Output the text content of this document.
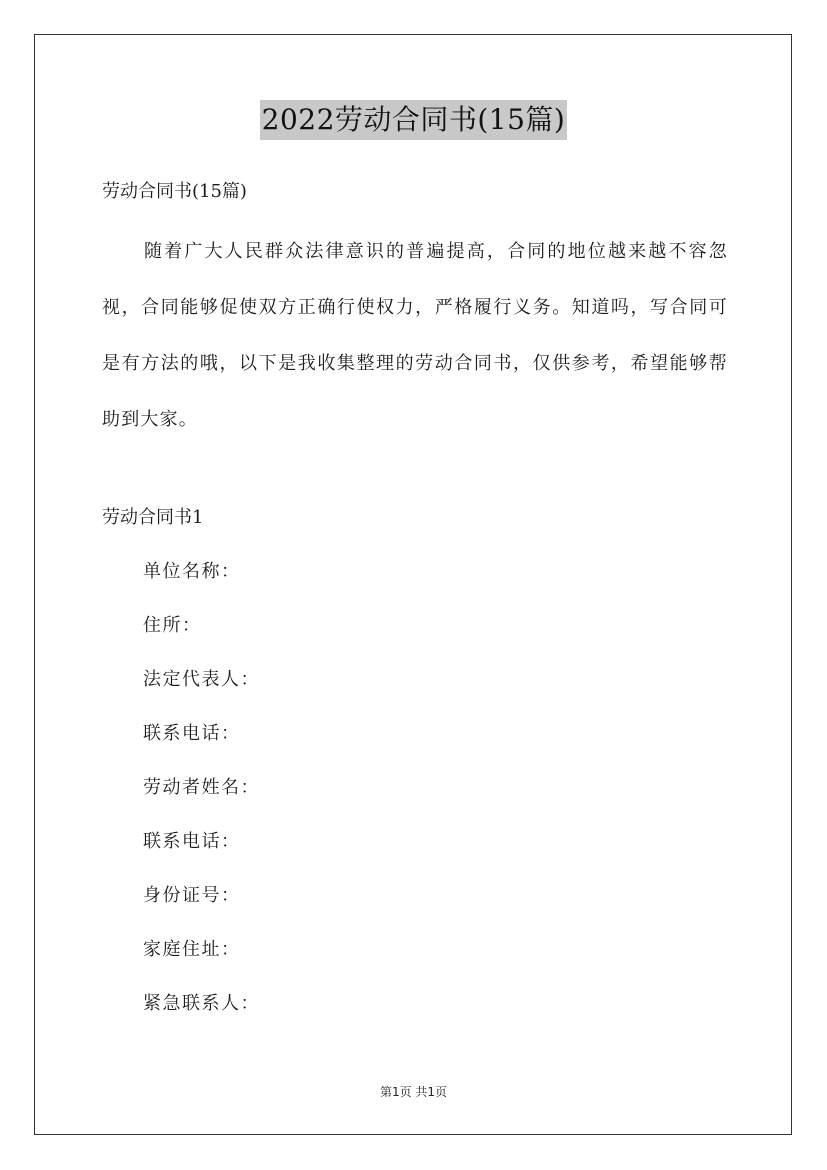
2022劳动合同书(15篇)
劳动合同书(15篇)

随着广大人民群众法律意识的普遍提高，合同的地位越来越不容忽视，合同能够促使双方正确行使权力，严格履行义务。知道吗，写合同可是有方法的哦，以下是我收集整理的劳动合同书，仅供参考，希望能够帮助到大家。

劳动合同书1
单位名称：
住所：
法定代表人：
联系电话：
劳动者姓名：
联系电话：
身份证号：
家庭住址：
紧急联系人：
第1页 共1页
